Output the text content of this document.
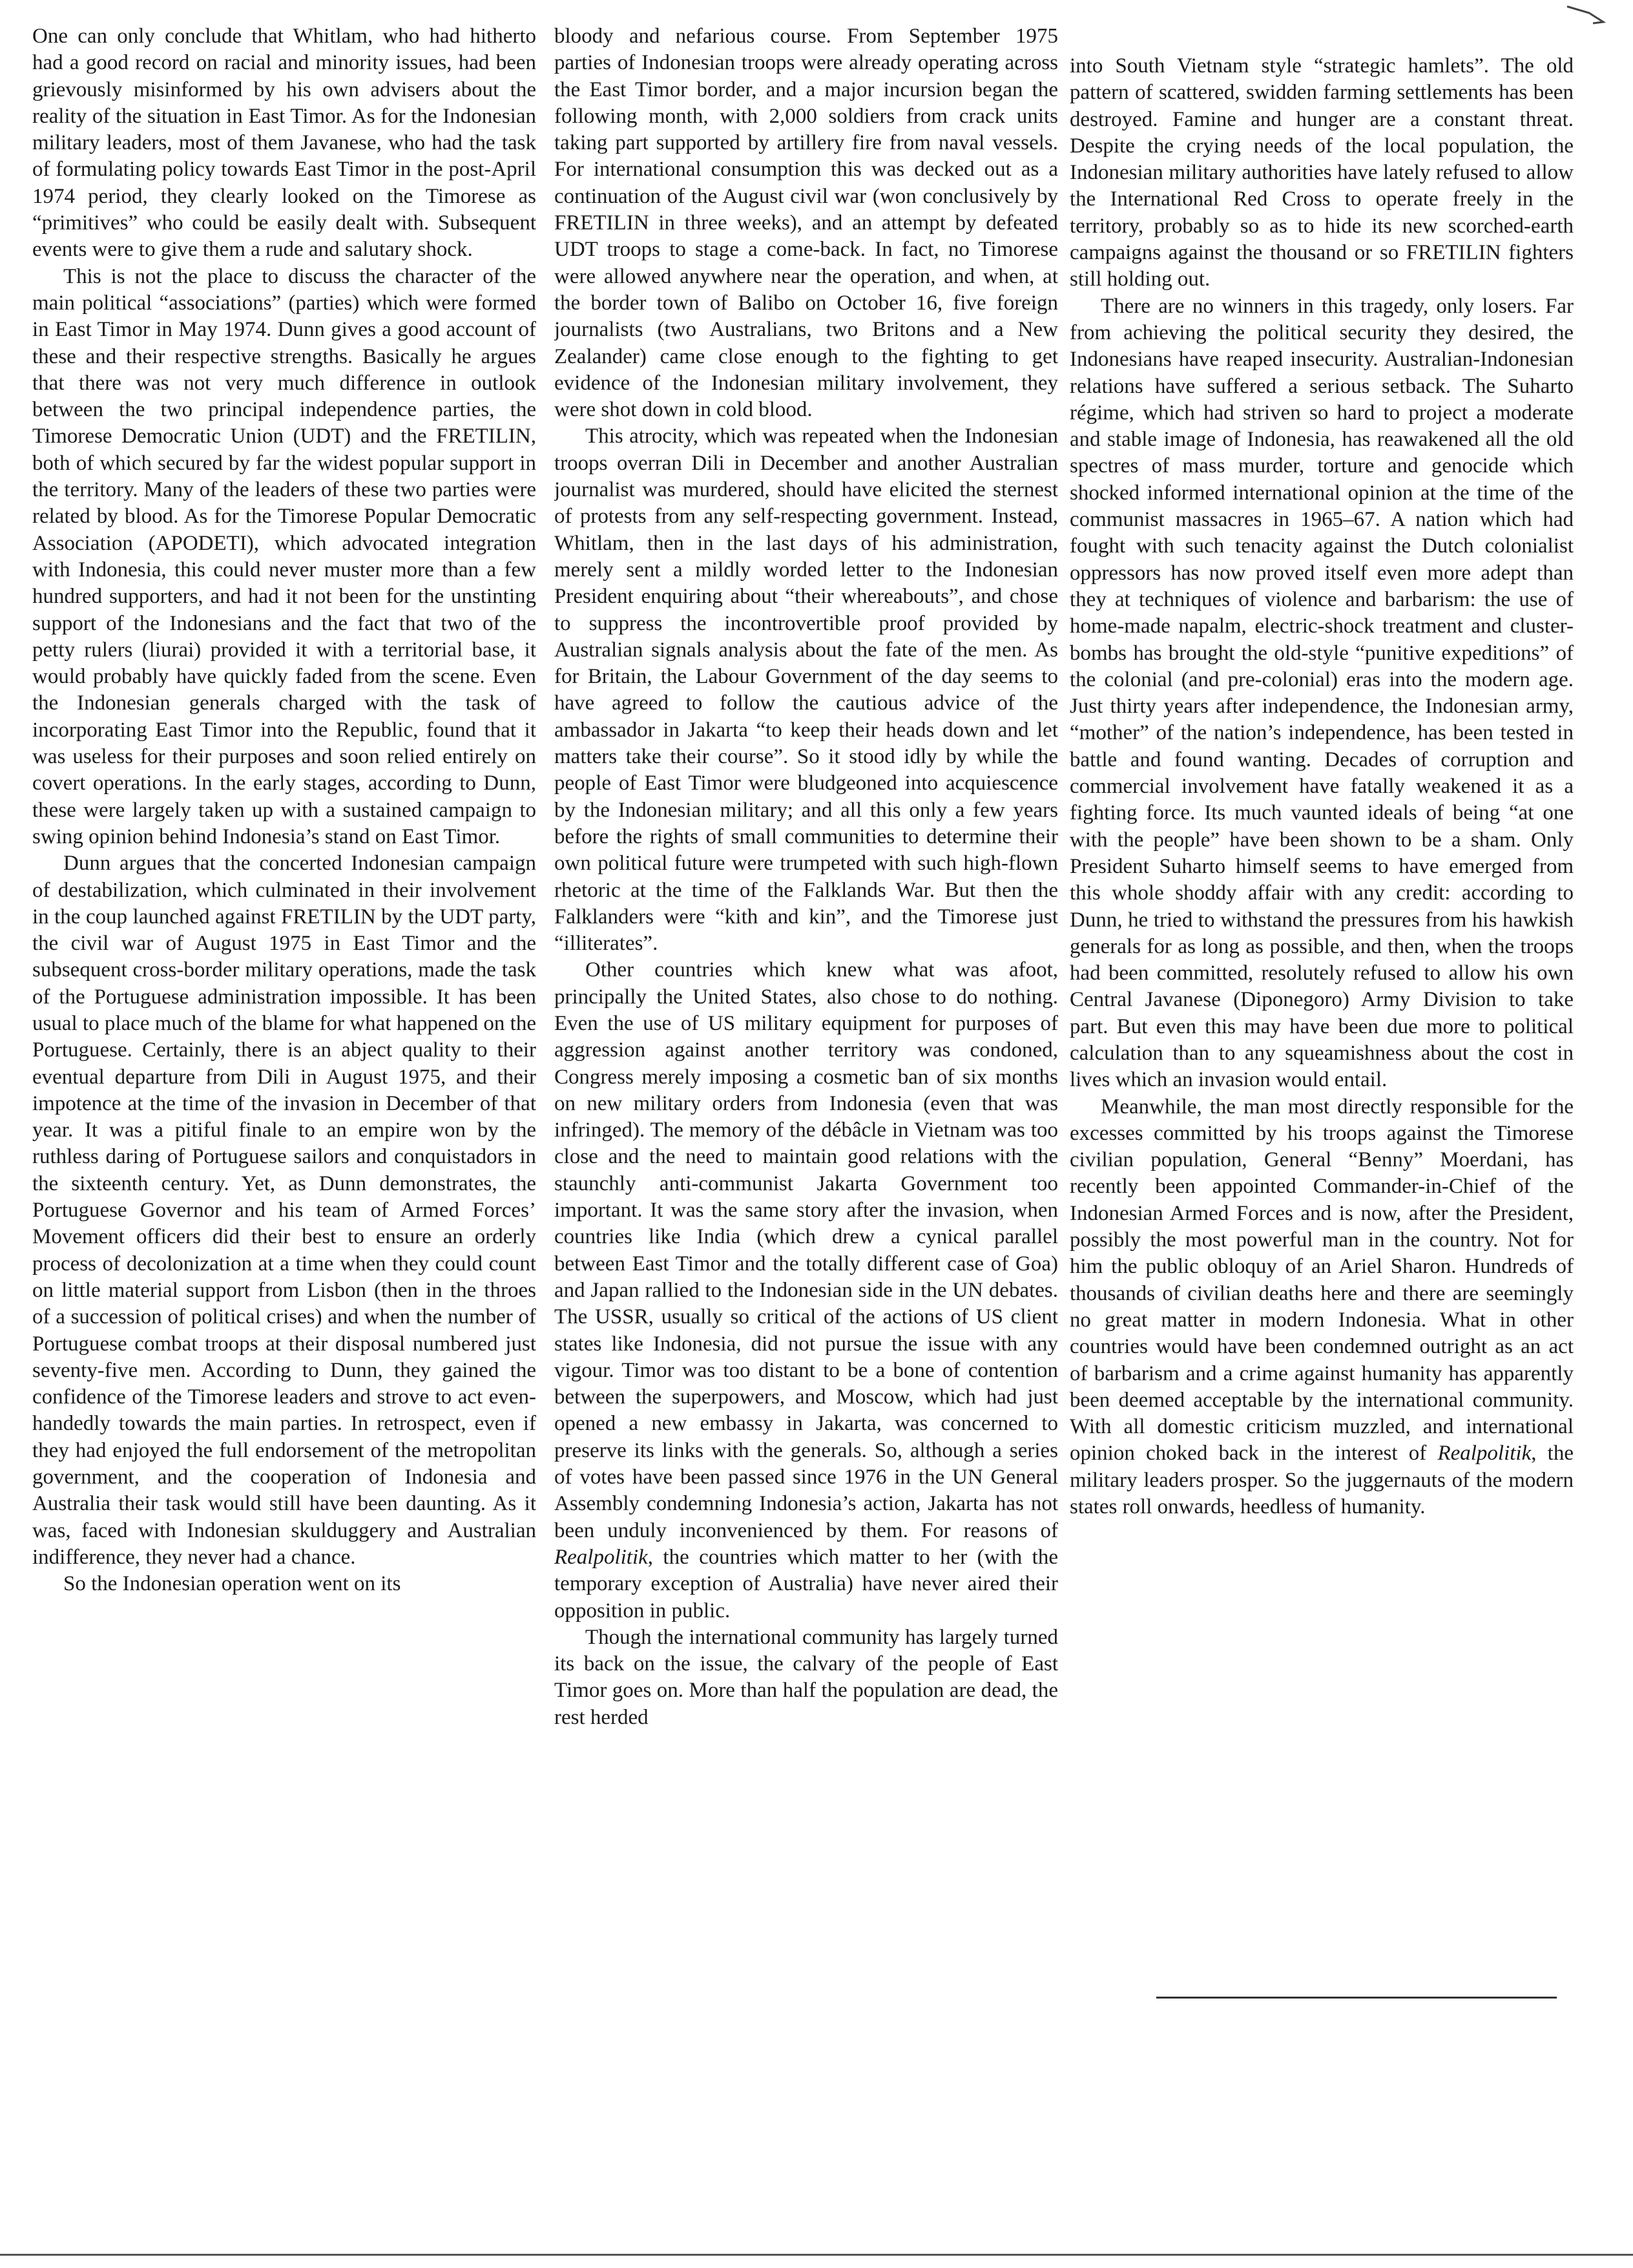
One can only conclude that Whitlam, who had hitherto had a good record on racial and minority issues, had been grievously misinformed by his own advisers about the reality of the situation in East Timor. As for the Indonesian military leaders, most of them Javanese, who had the task of formulating policy towards East Timor in the post-April 1974 period, they clearly looked on the Timorese as “primitives” who could be easily dealt with. Subsequent events were to give them a rude and salutary shock.

This is not the place to discuss the character of the main political “associations” (parties) which were formed in East Timor in May 1974. Dunn gives a good account of these and their respective strengths. Basically he argues that there was not very much difference in outlook between the two principal independence parties, the Timorese Democratic Union (UDT) and the FRETILIN, both of which secured by far the widest popular support in the territory. Many of the leaders of these two parties were related by blood. As for the Timorese Popular Democratic Association (APODETI), which advocated integration with Indonesia, this could never muster more than a few hundred supporters, and had it not been for the unstinting support of the Indonesians and the fact that two of the petty rulers (liurai) provided it with a territorial base, it would probably have quickly faded from the scene. Even the Indonesian generals charged with the task of incorporating East Timor into the Republic, found that it was useless for their purposes and soon relied entirely on covert operations. In the early stages, according to Dunn, these were largely taken up with a sustained campaign to swing opinion behind Indonesia’s stand on East Timor.

Dunn argues that the concerted Indonesian campaign of destabilization, which culminated in their involvement in the coup launched against FRETILIN by the UDT party, the civil war of August 1975 in East Timor and the subsequent cross-border military operations, made the task of the Portuguese administration impossible. It has been usual to place much of the blame for what happened on the Portuguese. Certainly, there is an abject quality to their eventual departure from Dili in August 1975, and their impotence at the time of the invasion in December of that year. It was a pitiful finale to an empire won by the ruthless daring of Portuguese sailors and conquistadors in the sixteenth century. Yet, as Dunn demonstrates, the Portuguese Governor and his team of Armed Forces’ Movement officers did their best to ensure an orderly process of decolonization at a time when they could count on little material support from Lisbon (then in the throes of a succession of political crises) and when the number of Portuguese combat troops at their disposal numbered just seventy-five men. According to Dunn, they gained the confidence of the Timorese leaders and strove to act even-handedly towards the main parties. In retrospect, even if they had enjoyed the full endorsement of the metropolitan government, and the cooperation of Indonesia and Australia their task would still have been daunting. As it was, faced with Indonesian skulduggery and Australian indifference, they never had a chance.

So the Indonesian operation went on its

bloody and nefarious course. From September 1975 parties of Indonesian troops were already operating across the East Timor border, and a major incursion began the following month, with 2,000 soldiers from crack units taking part supported by artillery fire from naval vessels. For international consumption this was decked out as a continuation of the August civil war (won conclusively by FRETILIN in three weeks), and an attempt by defeated UDT troops to stage a come-back. In fact, no Timorese were allowed anywhere near the operation, and when, at the border town of Balibo on October 16, five foreign journalists (two Australians, two Britons and a New Zealander) came close enough to the fighting to get evidence of the Indonesian military involvement, they were shot down in cold blood.

This atrocity, which was repeated when the Indonesian troops overran Dili in December and another Australian journalist was murdered, should have elicited the sternest of protests from any self-respecting government. Instead, Whitlam, then in the last days of his administration, merely sent a mildly worded letter to the Indonesian President enquiring about “their whereabouts”, and chose to suppress the incontrovertible proof provided by Australian signals analysis about the fate of the men. As for Britain, the Labour Government of the day seems to have agreed to follow the cautious advice of the ambassador in Jakarta “to keep their heads down and let matters take their course”. So it stood idly by while the people of East Timor were bludgeoned into acquiescence by the Indonesian military; and all this only a few years before the rights of small communities to determine their own political future were trumpeted with such high-flown rhetoric at the time of the Falklands War. But then the Falklanders were “kith and kin”, and the Timorese just “illiterates”.

Other countries which knew what was afoot, principally the United States, also chose to do nothing. Even the use of US military equipment for purposes of aggression against another territory was condoned, Congress merely imposing a cosmetic ban of six months on new military orders from Indonesia (even that was infringed). The memory of the débâcle in Vietnam was too close and the need to maintain good relations with the staunchly anti-communist Jakarta Government too important. It was the same story after the invasion, when countries like India (which drew a cynical parallel between East Timor and the totally different case of Goa) and Japan rallied to the Indonesian side in the UN debates. The USSR, usually so critical of the actions of US client states like Indonesia, did not pursue the issue with any vigour. Timor was too distant to be a bone of contention between the superpowers, and Moscow, which had just opened a new embassy in Jakarta, was concerned to preserve its links with the generals. So, although a series of votes have been passed since 1976 in the UN General Assembly condemning Indonesia’s action, Jakarta has not been unduly inconvenienced by them. For reasons of Realpolitik, the countries which matter to her (with the temporary exception of Australia) have never aired their opposition in public.

Though the international community has largely turned its back on the issue, the calvary of the people of East Timor goes on. More than half the population are dead, the rest herded

into South Vietnam style “strategic hamlets”. The old pattern of scattered, swidden farming settlements has been destroyed. Famine and hunger are a constant threat. Despite the crying needs of the local population, the Indonesian military authorities have lately refused to allow the International Red Cross to operate freely in the territory, probably so as to hide its new scorched-earth campaigns against the thousand or so FRETILIN fighters still holding out.

There are no winners in this tragedy, only losers. Far from achieving the political security they desired, the Indonesians have reaped insecurity. Australian-Indonesian relations have suffered a serious setback. The Suharto régime, which had striven so hard to project a moderate and stable image of Indonesia, has reawakened all the old spectres of mass murder, torture and genocide which shocked informed international opinion at the time of the communist massacres in 1965–67. A nation which had fought with such tenacity against the Dutch colonialist oppressors has now proved itself even more adept than they at techniques of violence and barbarism: the use of home-made napalm, electric-shock treatment and cluster-bombs has brought the old-style “punitive expeditions” of the colonial (and pre-colonial) eras into the modern age. Just thirty years after independence, the Indonesian army, “mother” of the nation’s independence, has been tested in battle and found wanting. Decades of corruption and commercial involvement have fatally weakened it as a fighting force. Its much vaunted ideals of being “at one with the people” have been shown to be a sham. Only President Suharto himself seems to have emerged from this whole shoddy affair with any credit: according to Dunn, he tried to withstand the pressures from his hawkish generals for as long as possible, and then, when the troops had been committed, resolutely refused to allow his own Central Javanese (Diponegoro) Army Division to take part. But even this may have been due more to political calculation than to any squeamishness about the cost in lives which an invasion would entail.

Meanwhile, the man most directly responsible for the excesses committed by his troops against the Timorese civilian population, General “Benny” Moerdani, has recently been appointed Commander-in-Chief of the Indonesian Armed Forces and is now, after the President, possibly the most powerful man in the country. Not for him the public obloquy of an Ariel Sharon. Hundreds of thousands of civilian deaths here and there are seemingly no great matter in modern Indonesia. What in other countries would have been condemned outright as an act of barbarism and a crime against humanity has apparently been deemed acceptable by the international community. With all domestic criticism muzzled, and international opinion choked back in the interest of Realpolitik, the military leaders prosper. So the juggernauts of the modern states roll onwards, heedless of humanity.
